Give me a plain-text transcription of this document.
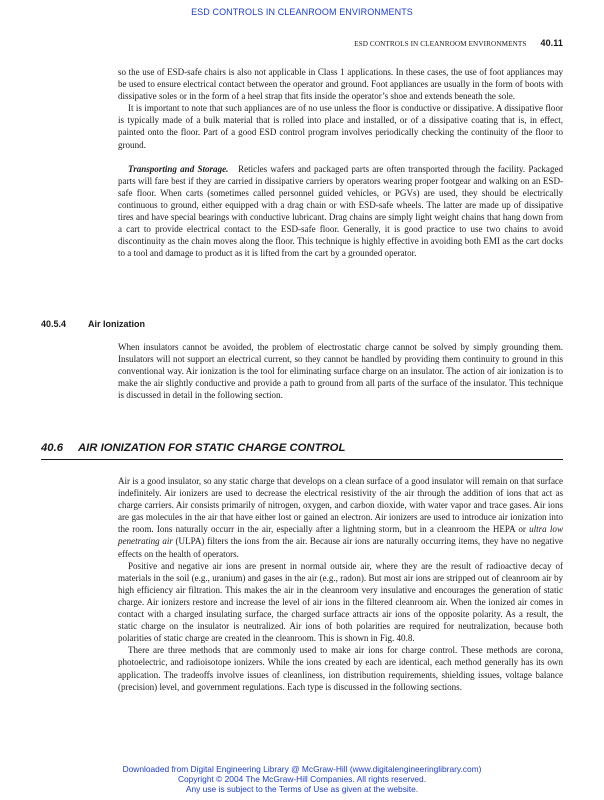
ESD CONTROLS IN CLEANROOM ENVIRONMENTS
ESD CONTROLS IN CLEANROOM ENVIRONMENTS 40.11

so the use of ESD-safe chairs is also not applicable in Class 1 applications. In these cases, the use of foot appliances may be used to ensure electrical contact between the operator and ground. Foot appliances are usually in the form of boots with dissipative soles or in the form of a heel strap that fits inside the operator’s shoe and extends beneath the sole.

It is important to note that such appliances are of no use unless the floor is conductive or dissipative. A dissipative floor is typically made of a bulk material that is rolled into place and installed, or of a dissipative coating that is, in effect, painted onto the floor. Part of a good ESD control program involves periodically checking the continuity of the floor to ground.

Transporting and Storage. Reticles wafers and packaged parts are often transported through the facility. Packaged parts will fare best if they are carried in dissipative carriers by operators wearing proper footgear and walking on an ESD-safe floor. When carts (sometimes called personnel guided vehicles, or PGVs) are used, they should be electrically continuous to ground, either equipped with a drag chain or with ESD-safe wheels. The latter are made up of dissipative tires and have special bearings with conductive lubricant. Drag chains are simply light weight chains that hang down from a cart to provide electrical contact to the ESD-safe floor. Generally, it is good practice to use two chains to avoid discontinuity as the chain moves along the floor. This technique is highly effective in avoiding both EMI as the cart docks to a tool and damage to product as it is lifted from the cart by a grounded operator.

40.5.4 Air Ionization

When insulators cannot be avoided, the problem of electrostatic charge cannot be solved by simply grounding them. Insulators will not support an electrical current, so they cannot be handled by providing them continuity to ground in this conventional way. Air ionization is the tool for eliminating surface charge on an insulator. The action of air ionization is to make the air slightly conductive and provide a path to ground from all parts of the surface of the insulator. This technique is discussed in detail in the following section.

40.6 AIR IONIZATION FOR STATIC CHARGE CONTROL

Air is a good insulator, so any static charge that develops on a clean surface of a good insulator will remain on that surface indefinitely. Air ionizers are used to decrease the electrical resistivity of the air through the addition of ions that act as charge carriers. Air consists primarily of nitrogen, oxygen, and carbon dioxide, with water vapor and trace gases. Air ions are gas molecules in the air that have either lost or gained an electron. Air ionizers are used to introduce air ionization into the room. Ions naturally occurr in the air, especially after a lightning storm, but in a cleanroom the HEPA or ultra low penetrating air (ULPA) filters the ions from the air. Because air ions are naturally occurring items, they have no negative effects on the health of operators.

Positive and negative air ions are present in normal outside air, where they are the result of radioactive decay of materials in the soil (e.g., uranium) and gases in the air (e.g., radon). But most air ions are stripped out of cleanroom air by high efficiency air filtration. This makes the air in the cleanroom very insulative and encourages the generation of static charge. Air ionizers restore and increase the level of air ions in the filtered cleanroom air. When the ionized air comes in contact with a charged insulating surface, the charged surface attracts air ions of the opposite polarity. As a result, the static charge on the insulator is neutralized. Air ions of both polarities are required for neutralization, because both polarities of static charge are created in the cleanroom. This is shown in Fig. 40.8.

There are three methods that are commonly used to make air ions for charge control. These methods are corona, photoelectric, and radioisotope ionizers. While the ions created by each are identical, each method generally has its own application. The tradeoffs involve issues of cleanliness, ion distribution requirements, shielding issues, voltage balance (precision) level, and government regulations. Each type is discussed in the following sections.

Downloaded from Digital Engineering Library @ McGraw-Hill (www.digitalengineeringlibrary.com)
Copyright © 2004 The McGraw-Hill Companies. All rights reserved.
Any use is subject to the Terms of Use as given at the website.
